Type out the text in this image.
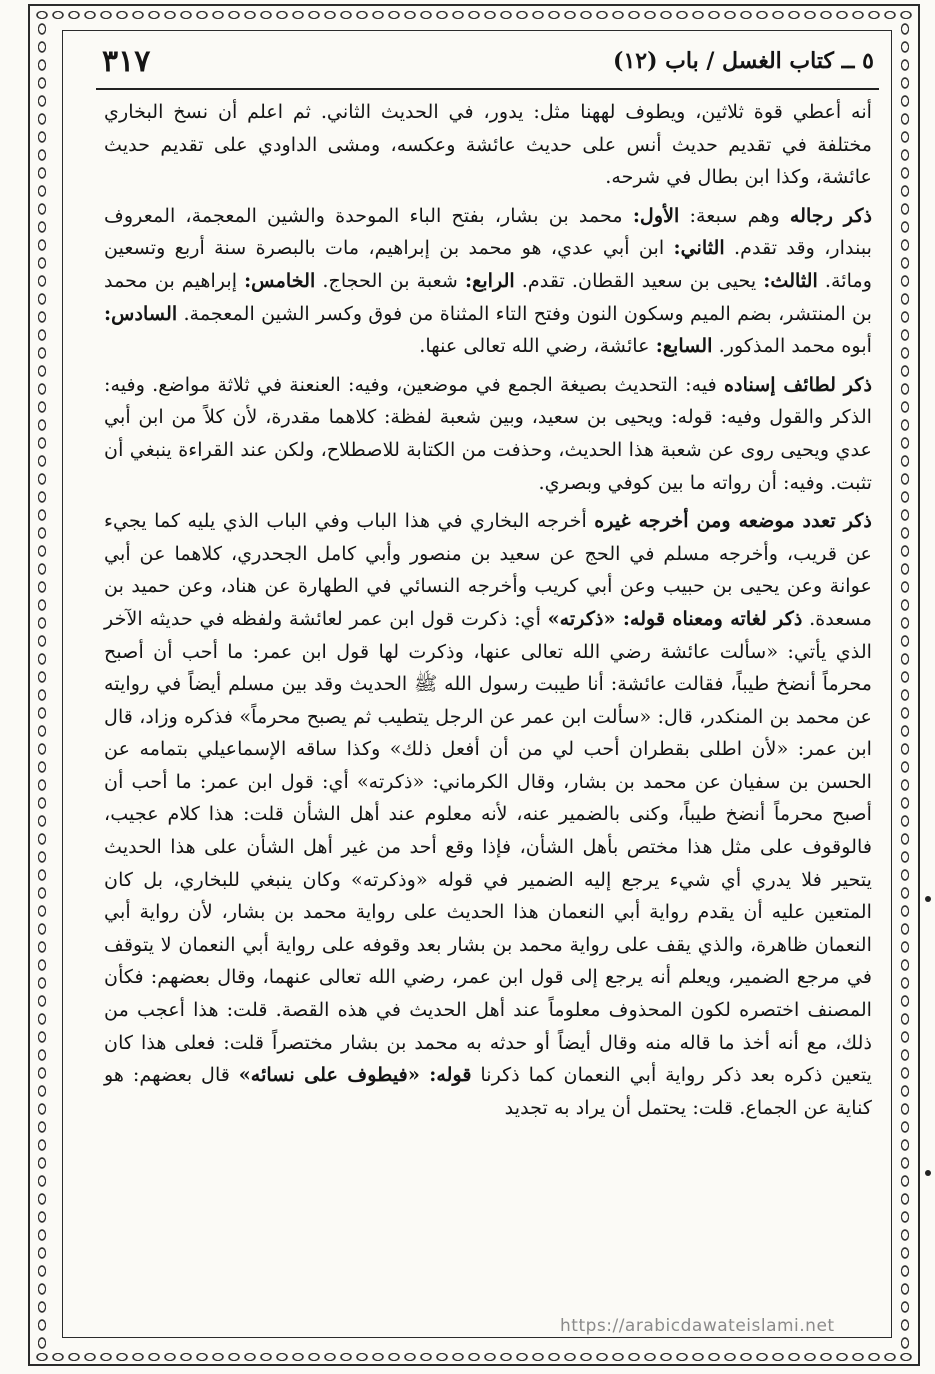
٥ ــ كتاب الغسل / باب (١٢)
٣١٧

أنه أعطي قوة ثلاثين، ويطوف لههنا مثل: يدور، في الحديث الثاني. ثم اعلم أن نسخ البخاري مختلفة في تقديم حديث أنس على حديث عائشة وعكسه، ومشى الداودي على تقديم حديث عائشة، وكذا ابن بطال في شرحه.

ذكر رجاله وهم سبعة: الأول: محمد بن بشار، بفتح الباء الموحدة والشين المعجمة، المعروف ببندار، وقد تقدم. الثاني: ابن أبي عدي، هو محمد بن إبراهيم، مات بالبصرة سنة أربع وتسعين ومائة. الثالث: يحيى بن سعيد القطان. تقدم. الرابع: شعبة بن الحجاج. الخامس: إبراهيم بن محمد بن المنتشر، بضم الميم وسكون النون وفتح التاء المثناة من فوق وكسر الشين المعجمة. السادس: أبوه محمد المذكور. السابع: عائشة، رضي الله تعالى عنها.

ذكر لطائف إسناده فيه: التحديث بصيغة الجمع في موضعين، وفيه: العنعنة في ثلاثة مواضع. وفيه: الذكر والقول وفيه: قوله: ويحيى بن سعيد، وبين شعبة لفظة: كلاهما مقدرة، لأن كلاً من ابن أبي عدي ويحيى روى عن شعبة هذا الحديث، وحذفت من الكتابة للاصطلاح، ولكن عند القراءة ينبغي أن تثبت. وفيه: أن رواته ما بين كوفي وبصري.

ذكر تعدد موضعه ومن أخرجه غيره أخرجه البخاري في هذا الباب وفي الباب الذي يليه كما يجيء عن قريب، وأخرجه مسلم في الحج عن سعيد بن منصور وأبي كامل الجحدري، كلاهما عن أبي عوانة وعن يحيى بن حبيب وعن أبي كريب وأخرجه النسائي في الطهارة عن هناد، وعن حميد بن مسعدة. ذكر لغاته ومعناه قوله: «ذكرته» أي: ذكرت قول ابن عمر لعائشة ولفظه في حديثه الآخر الذي يأتي: «سألت عائشة رضي الله تعالى عنها، وذكرت لها قول ابن عمر: ما أحب أن أصبح محرماً أنضخ طيباً، فقالت عائشة: أنا طيبت رسول الله ﷺ الحديث وقد بين مسلم أيضاً في روايته عن محمد بن المنكدر، قال: «سألت ابن عمر عن الرجل يتطيب ثم يصبح محرماً» فذكره وزاد، قال ابن عمر: «لأن اطلى بقطران أحب لي من أن أفعل ذلك» وكذا ساقه الإسماعيلي بتمامه عن الحسن بن سفيان عن محمد بن بشار، وقال الكرماني: «ذكرته» أي: قول ابن عمر: ما أحب أن أصبح محرماً أنضخ طيباً، وكنى بالضمير عنه، لأنه معلوم عند أهل الشأن قلت: هذا كلام عجيب، فالوقوف على مثل هذا مختص بأهل الشأن، فإذا وقع أحد من غير أهل الشأن على هذا الحديث يتحير فلا يدري أي شيء يرجع إليه الضمير في قوله «وذكرته» وكان ينبغي للبخاري، بل كان المتعين عليه أن يقدم رواية أبي النعمان هذا الحديث على رواية محمد بن بشار، لأن رواية أبي النعمان ظاهرة، والذي يقف على رواية محمد بن بشار بعد وقوفه على رواية أبي النعمان لا يتوقف في مرجع الضمير، ويعلم أنه يرجع إلى قول ابن عمر، رضي الله تعالى عنهما، وقال بعضهم: فكأن المصنف اختصره لكون المحذوف معلوماً عند أهل الحديث في هذه القصة. قلت: هذا أعجب من ذلك، مع أنه أخذ ما قاله منه وقال أيضاً أو حدثه به محمد بن بشار مختصراً قلت: فعلى هذا كان يتعين ذكره بعد ذكر رواية أبي النعمان كما ذكرنا قوله: «فيطوف على نسائه» قال بعضهم: هو كناية عن الجماع. قلت: يحتمل أن يراد به تجديد

https://arabicdawateislami.net
